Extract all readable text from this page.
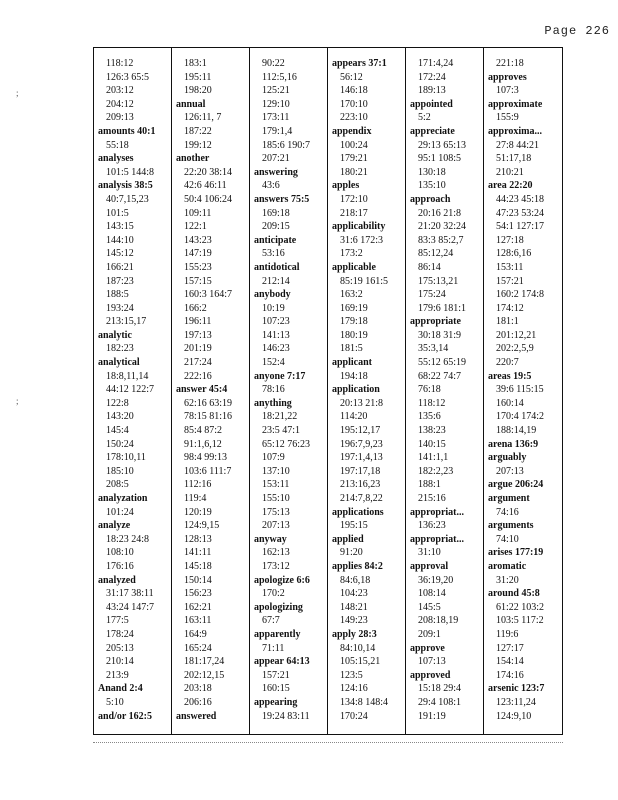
Page 226
;
;
118:12
126:3 65:5
203:12
204:12
209:13
amounts 40:1
55:18
analyses
101:5 144:8
analysis 38:5
40:7,15,23
101:5
143:15
144:10
145:12
166:21
187:23
188:5
193:24
213:15,17
analytic
182:23
analytical
18:8,11,14
44:12 122:7
122:8
143:20
145:4
150:24
178:10,11
185:10
208:5
analyzation
101:24
analyze
18:23 24:8
108:10
176:16
analyzed
31:17 38:11
43:24 147:7
177:5
178:24
205:13
210:14
213:9
Anand 2:4
5:10
and/or 162:5
183:1
195:11
198:20
annual
126:11, 7
187:22
199:12
another
22:20 38:14
42:6 46:11
50:4 106:24
109:11
122:1
143:23
147:19
155:23
157:15
160:3 164:7
166:2
196:11
197:13
201:19
217:24
222:16
answer 45:4
62:16 63:19
78:15 81:16
85:4 87:2
91:1,6,12
98:4 99:13
103:6 111:7
112:16
119:4
120:19
124:9,15
128:13
141:11
145:18
150:14
156:23
162:21
163:11
164:9
165:24
181:17,24
202:12,15
203:18
206:16
answered
90:22
112:5,16
125:21
129:10
173:11
179:1,4
185:6 190:7
207:21
answering
43:6
answers 75:5
169:18
209:15
anticipate
53:16
antidotical
212:14
anybody
10:19
107:23
141:13
146:23
152:4
anyone 7:17
78:16
anything
18:21,22
23:5 47:1
65:12 76:23
107:9
137:10
153:11
155:10
175:13
207:13
anyway
162:13
173:12
apologize 6:6
170:2
apologizing
67:7
apparently
71:11
appear 64:13
157:21
160:15
appearing
19:24 83:11
appears 37:1
56:12
146:18
170:10
223:10
appendix
100:24
179:21
180:21
apples
172:10
218:17
applicability
31:6 172:3
173:2
applicable
85:19 161:5
163:2
169:19
179:18
180:19
181:5
applicant
194:18
application
20:13 21:8
114:20
195:12,17
196:7,9,23
197:1,4,13
197:17,18
213:16,23
214:7,8,22
applications
195:15
applied
91:20
applies 84:2
84:6,18
104:23
148:21
149:23
apply 28:3
84:10,14
105:15,21
123:5
124:16
134:8 148:4
170:24
171:4,24
172:24
189:13
appointed
5:2
appreciate
29:13 65:13
95:1 108:5
130:18
135:10
approach
20:16 21:8
21:20 32:24
83:3 85:2,7
85:12,24
86:14
175:13,21
175:24
179:6 181:1
appropriate
30:18 31:9
35:3,14
55:12 65:19
68:22 74:7
76:18
118:12
135:6
138:23
140:15
141:1,1
182:2,23
188:1
215:16
appropriat...
136:23
appropriat...
31:10
approval
36:19,20
108:14
145:5
208:18,19
209:1
approve
107:13
approved
15:18 29:4
29:4 108:1
191:19
221:18
approves
107:3
approximate
155:9
approxima...
27:8 44:21
51:17,18
210:21
area 22:20
44:23 45:18
47:23 53:24
54:1 127:17
127:18
128:6,16
153:11
157:21
160:2 174:8
174:12
181:1
201:12,21
202:2,5,9
220:7
areas 19:5
39:6 115:15
160:14
170:4 174:2
188:14,19
arena 136:9
arguably
207:13
argue 206:24
argument
74:16
arguments
74:10
arises 177:19
aromatic
31:20
around 45:8
61:22 103:2
103:5 117:2
119:6
127:17
154:14
174:16
arsenic 123:7
123:11,24
124:9,10
